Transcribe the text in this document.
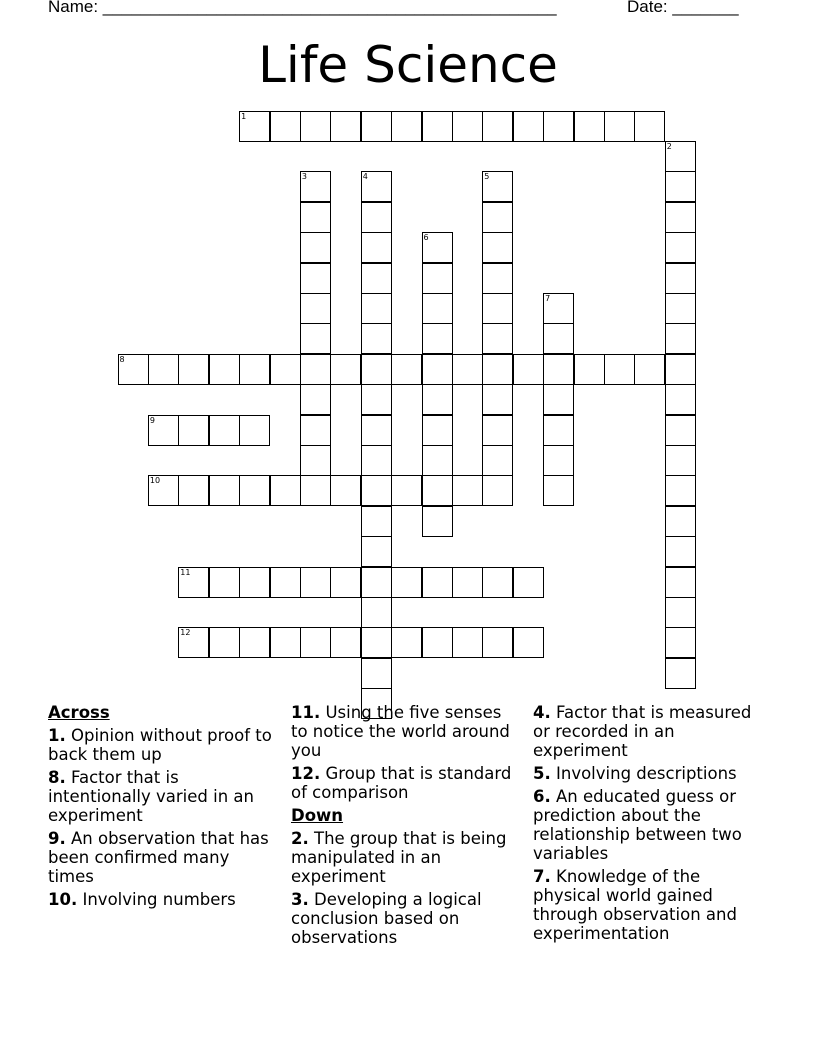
Name: ________________________________________________	Date: _______
Life Science
1
2
3	4	5
6
7
8
9
10
11
12
Across
1. Opinion without proof to back them up
8. Factor that is intentionally varied in an experiment
9. An observation that has been confirmed many times
10. Involving numbers
11. Using the five senses to notice the world around you
12. Group that is standard of comparison
Down
2. The group that is being manipulated in an experiment
3. Developing a logical conclusion based on observations
4. Factor that is measured or recorded in an experiment
5. Involving descriptions
6. An educated guess or prediction about the relationship between two variables
7. Knowledge of the physical world gained through observation and experimentation
